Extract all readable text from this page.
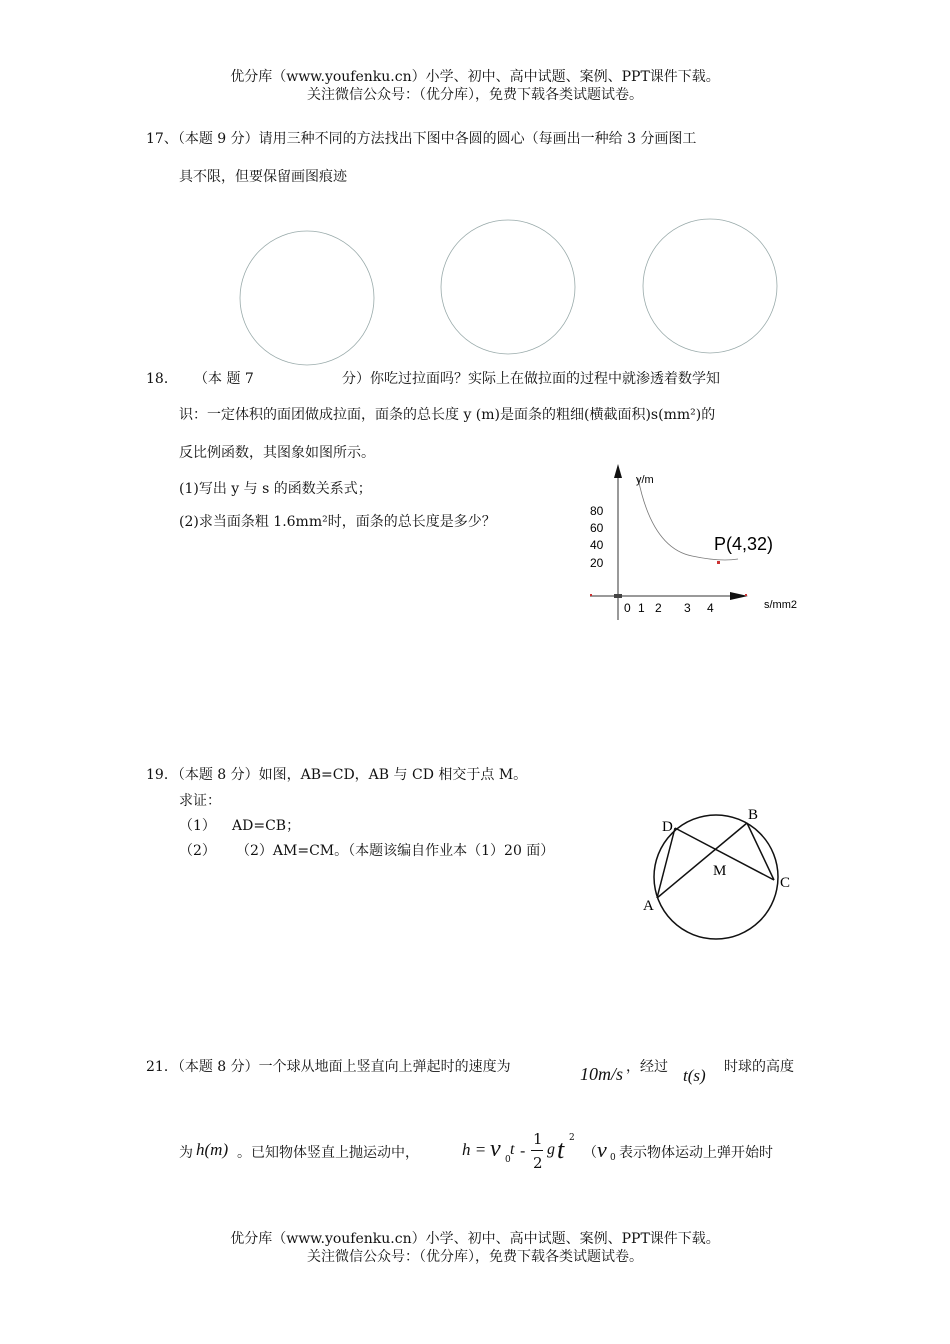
优分库（www.youfenku.cn）小学、初中、高中试题、案例、PPT课件下载。
关注微信公众号：（优分库），免费下载各类试题试卷。
17、（本题 9 分）请用三种不同的方法找出下图中各圆的圆心（每画出一种给 3 分画图工
具不限，但要保留画图痕迹
18． （本 题 7	分）你吃过拉面吗？实际上在做拉面的过程中就渗透着数学知
识：一定体积的面团做成拉面，面条的总长度 y (m)是面条的粗细(横截面积)s(mm²)的
反比例函数，其图象如图所示。
(1)写出 y 与 s 的函数关系式；
(2)求当面条粗 1.6mm²时，面条的总长度是多少？
y/m
80
60
40
20
P(4,32)
0 1 2 3 4	s/mm2
19．（本题 8 分）如图，AB=CD，AB 与 CD 相交于点 M。
求证：
（1） AD=CB；
（2） （2）AM=CM。（本题该编自作业本（1）20 面）
D
B
M
C
A
21．（本题 8 分）一个球从地面上竖直向上弹起时的速度为	10m/s ，经过 t(s) 时球的高度
为 h(m) 。已知物体竖直上抛运动中，	h = v 0
t -
1
2
g t 2
（ v 0 表示物体运动上弹开始时
优分库（www.youfenku.cn）小学、初中、高中试题、案例、PPT课件下载。
关注微信公众号：（优分库），免费下载各类试题试卷。
